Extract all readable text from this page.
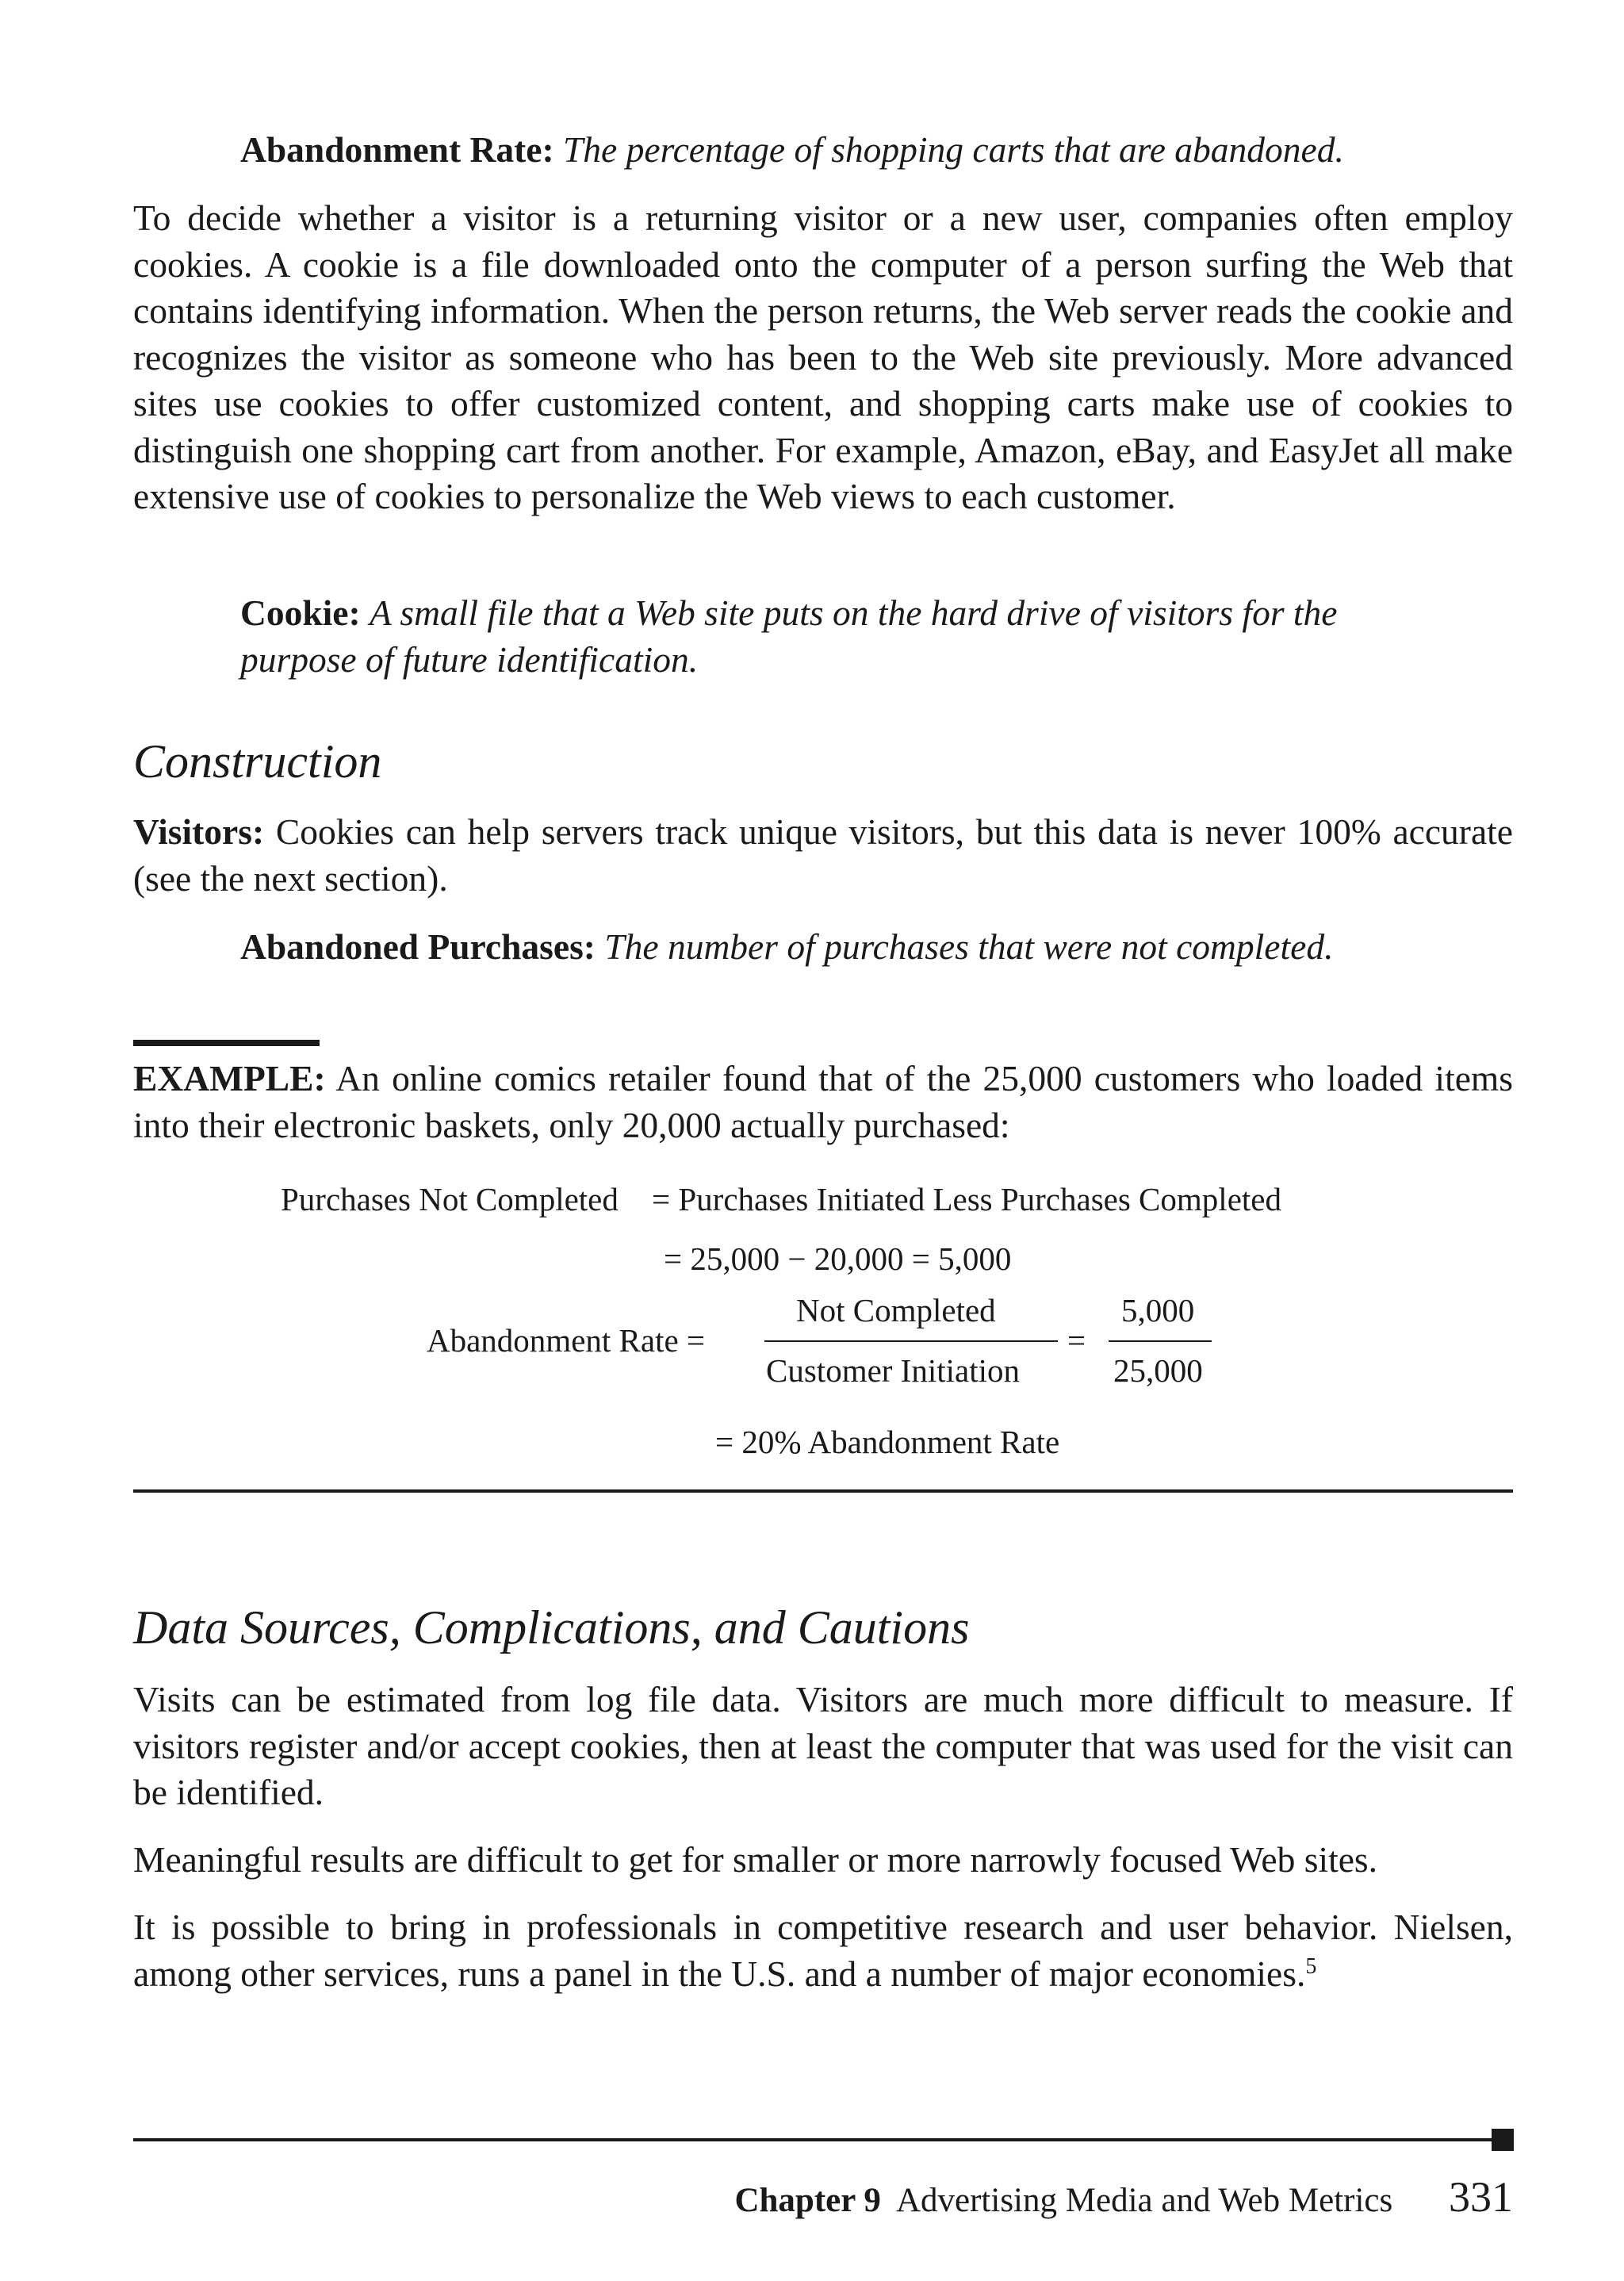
Abandonment Rate: The percentage of shopping carts that are abandoned.

To decide whether a visitor is a returning visitor or a new user, companies often employ cookies. A cookie is a file downloaded onto the computer of a person surfing the Web that contains identifying information. When the person returns, the Web server reads the cookie and recognizes the visitor as someone who has been to the Web site previously. More advanced sites use cookies to offer customized content, and shopping carts make use of cookies to distinguish one shopping cart from another. For example, Amazon, eBay, and EasyJet all make extensive use of cookies to personalize the Web views to each customer.

Cookie: A small file that a Web site puts on the hard drive of visitors for the purpose of future identification.

Construction

Visitors: Cookies can help servers track unique visitors, but this data is never 100% accurate (see the next section).

Abandoned Purchases: The number of purchases that were not completed.

EXAMPLE: An online comics retailer found that of the 25,000 customers who loaded items into their electronic baskets, only 20,000 actually purchased:

Purchases Not Completed = Purchases Initiated Less Purchases Completed
= 25,000 − 20,000 = 5,000
Abandonment Rate =
Not Completed
Customer Initiation
=
5,000
25,000
= 20% Abandonment Rate
Data Sources, Complications, and Cautions

Visits can be estimated from log file data. Visitors are much more difficult to measure. If visitors register and/or accept cookies, then at least the computer that was used for the visit can be identified.

Meaningful results are difficult to get for smaller or more narrowly focused Web sites.

It is possible to bring in professionals in competitive research and user behavior. Nielsen, among other services, runs a panel in the U.S. and a number of major economies.$^5$

Chapter 9 Advertising Media and Web Metrics 331
